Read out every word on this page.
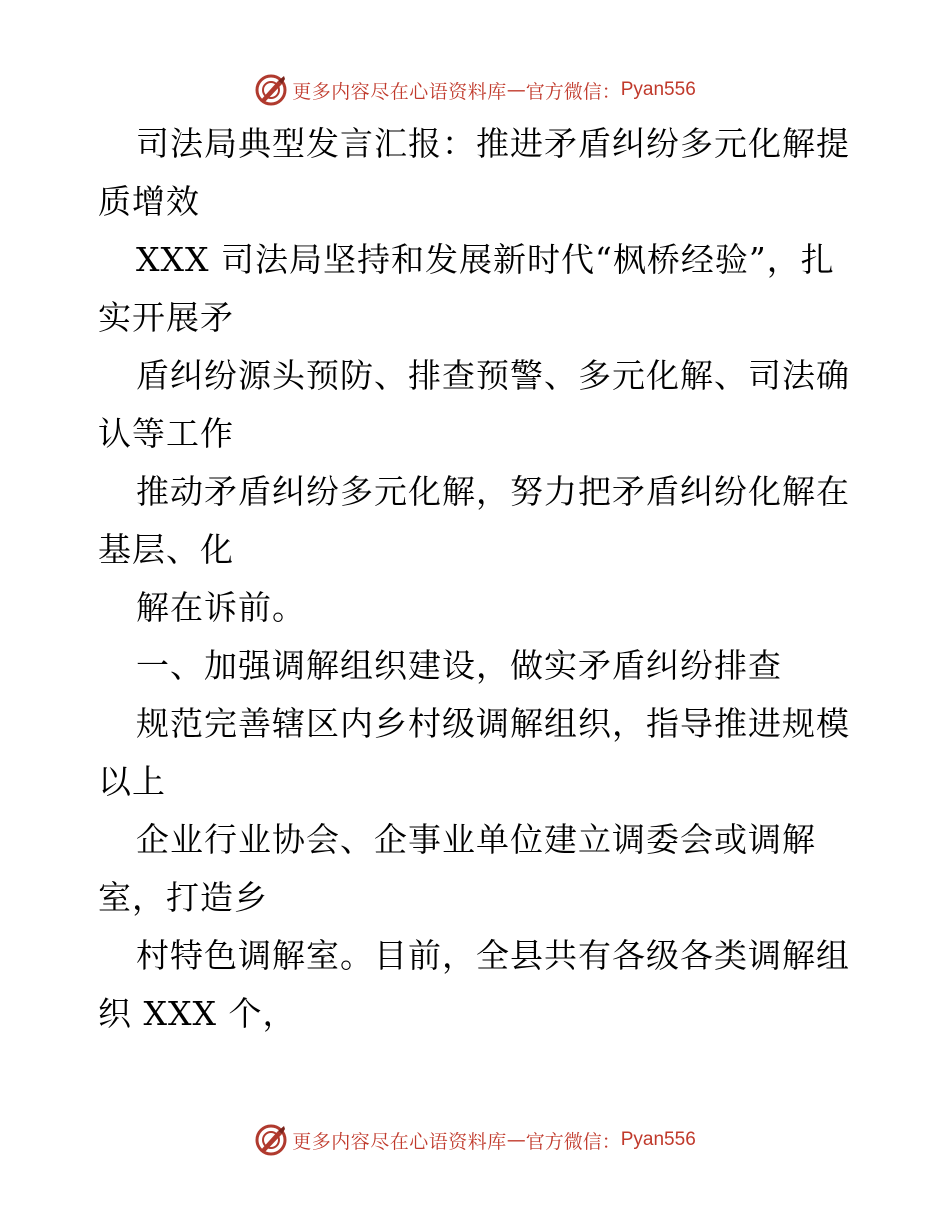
更多内容尽在心语资料库 — 官方微信： Pyan556
司法局典型发言汇报：推进矛盾纠纷多元化解提
质增效
XXX 司法局坚持和发展新时代“枫桥经验”，扎
实开展矛
盾纠纷源头预防、排查预警、多元化解、司法确
认等工作
推动矛盾纠纷多元化解，努力把矛盾纠纷化解在
基层、化
解在诉前。
一、加强调解组织建设，做实矛盾纠纷排查
规范完善辖区内乡村级调解组织，指导推进规模
以上
企业行业协会、企事业单位建立调委会或调解
室，打造乡
村特色调解室。目前，全县共有各级各类调解组
织 XXX 个，
更多内容尽在心语资料库 — 官方微信： Pyan556
